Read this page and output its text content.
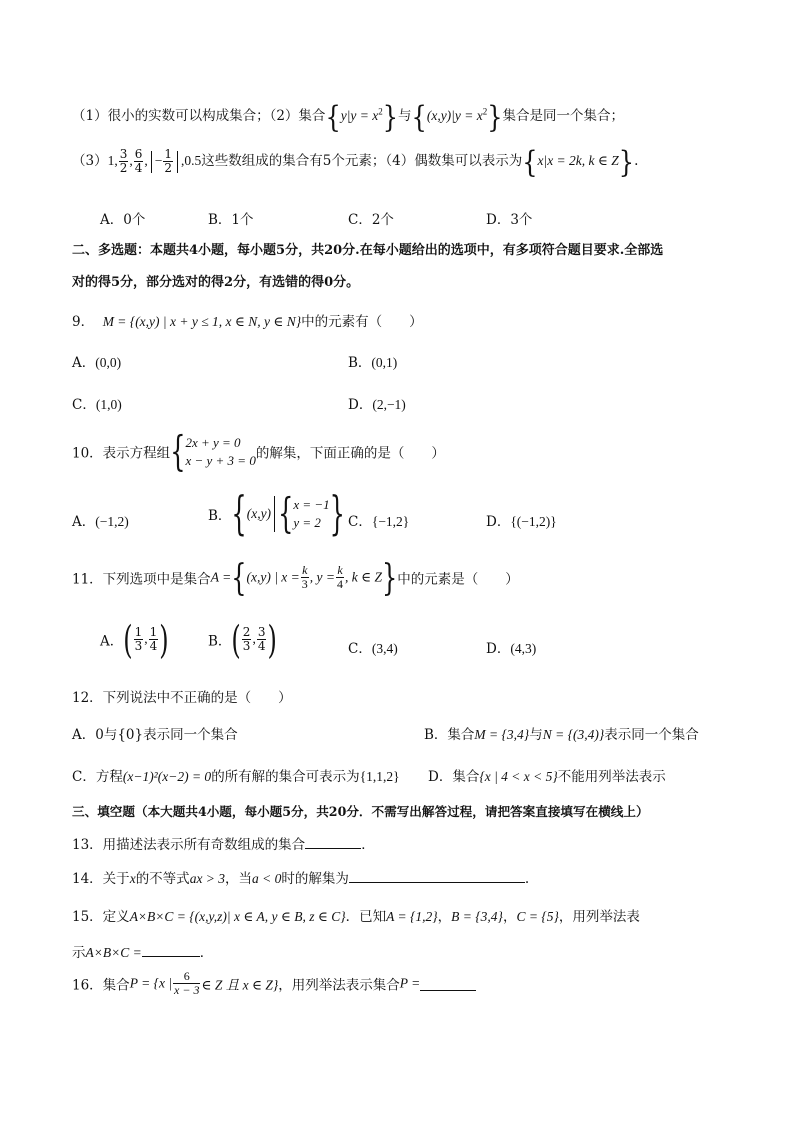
（1）很小的实数可以构成集合；（2）集合$\{y|y = x^2\}$与$\{(x,y)|y = x^2\}$集合是同一个集合；
（3）1, $\frac{3}{2}$ , $\frac{6}{4}$ , − $\frac{1}{2} ,0.5$这些数组成的集合有5个元素；（4）偶数集可以表示为{x|x = 2k, k ∈ Z}.
A．0个	B．1个	C．2个	D．3个
二、多选题：本题共4小题，每小题5分，共20分.在每小题给出的选项中，有多项符合题目要求.全部选
对的得5分，部分选对的得2分，有选错的得0分。
9． M = {(x,y) | x + y ≤ 1, x ∈ N, y ∈ N}中的元素有（　　）
A．(0,0)	B．(0,1)
C．(1,0)	D．(2,−1)
10．表示方程组{ 2x + y = 0
x − y + 3 = 0 的解集，下面正确的是（　　）
A．(−1,2)	B．{(x,y) { x = −1
y = 2 } C．{−1,2}	D．{(−1,2)}
11．下列选项中是集合A ={(x,y) | $x = \frac{k}{3}$ , $y = \frac{k}{4}$ , k ∈ Z}中的元素是（　　）
A．( $\frac{1}{3}$ , $\frac{1}{4}$ )	B．( $\frac{2}{3}$ , $\frac{3}{4}$ )	C．(3,4)	D．(4,3)
12．下列说法中不正确的是（　　）
A．0与{0}表示同一个集合	B．集合M = {3,4}与N = {(3,4)}表示同一个集合
C．方程(x−1)²(x−2) = 0的所有解的集合可表示为{1,1,2} D．集合{x | 4 < x < 5}不能用列举法表示
三、填空题（本大题共4小题，每小题5分，共20分．不需写出解答过程，请把答案直接填写在横线上）
13．用描述法表示所有奇数组成的集合	．
14．关于x的不等式ax > 3，当a < 0时的解集为	.
15．定义A×B×C = {(x,y,z)| x ∈ A, y ∈ B, z ∈ C}．已知A = {1,2}，B = {3,4}，C = {5}，用列举法表
示A×B×C =	．
16．集合P = {x | $\frac{6}{x - 3}$ ∈ Z 且 x ∈ Z}，用列举法表示集合P =
